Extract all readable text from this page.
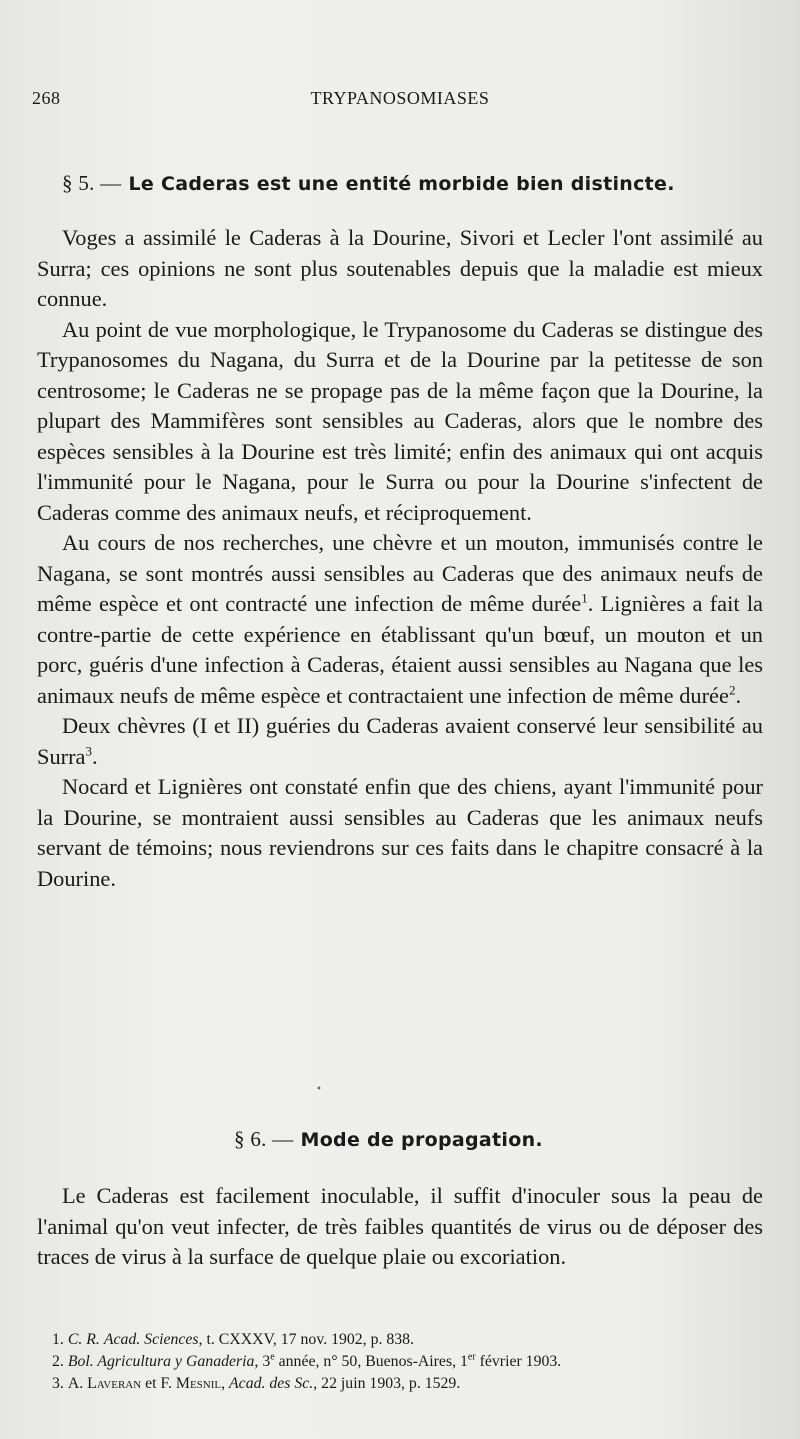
268	TRYPANOSOMIASES
§ 5. — Le Caderas est une entité morbide bien distincte.

Voges a assimilé le Caderas à la Dourine, Sivori et Lecler l'ont assimilé au Surra; ces opinions ne sont plus soutenables depuis que la maladie est mieux connue.

Au point de vue morphologique, le Trypanosome du Caderas se distingue des Trypanosomes du Nagana, du Surra et de la Dourine par la petitesse de son centrosome; le Caderas ne se propage pas de la même façon que la Dourine, la plupart des Mammifères sont sensibles au Caderas, alors que le nombre des espèces sensibles à la Dourine est très limité; enfin des animaux qui ont acquis l'immunité pour le Nagana, pour le Surra ou pour la Dourine s'infectent de Caderas comme des animaux neufs, et réciproquement.

Au cours de nos recherches, une chèvre et un mouton, immunisés contre le Nagana, se sont montrés aussi sensibles au Caderas que des animaux neufs de même espèce et ont contracté une infection de même durée$^1$. Lignières a fait la contre-partie de cette expérience en établissant qu'un bœuf, un mouton et un porc, guéris d'une infection à Caderas, étaient aussi sensibles au Nagana que les animaux neufs de même espèce et contractaient une infection de même durée$^2$.

Deux chèvres (I et II) guéries du Caderas avaient conservé leur sensibilité au Surra$^3$.

Nocard et Lignières ont constaté enfin que des chiens, ayant l'immunité pour la Dourine, se montraient aussi sensibles au Caderas que les animaux neufs servant de témoins; nous reviendrons sur ces faits dans le chapitre consacré à la Dourine.

•
§ 6. — Mode de propagation.

Le Caderas est facilement inoculable, il suffit d'inoculer sous la peau de l'animal qu'on veut infecter, de très faibles quantités de virus ou de déposer des traces de virus à la surface de quelque plaie ou excoriation.

1. C. R. Acad. Sciences, t. CXXXV, 17 nov. 1902, p. 838.

2. Bol. Agricultura y Ganaderia, 3e année, n° 50, Buenos-Aires, 1er février 1903.

3. A. Laveran et F. Mesnil, Acad. des Sc., 22 juin 1903, p. 1529.
